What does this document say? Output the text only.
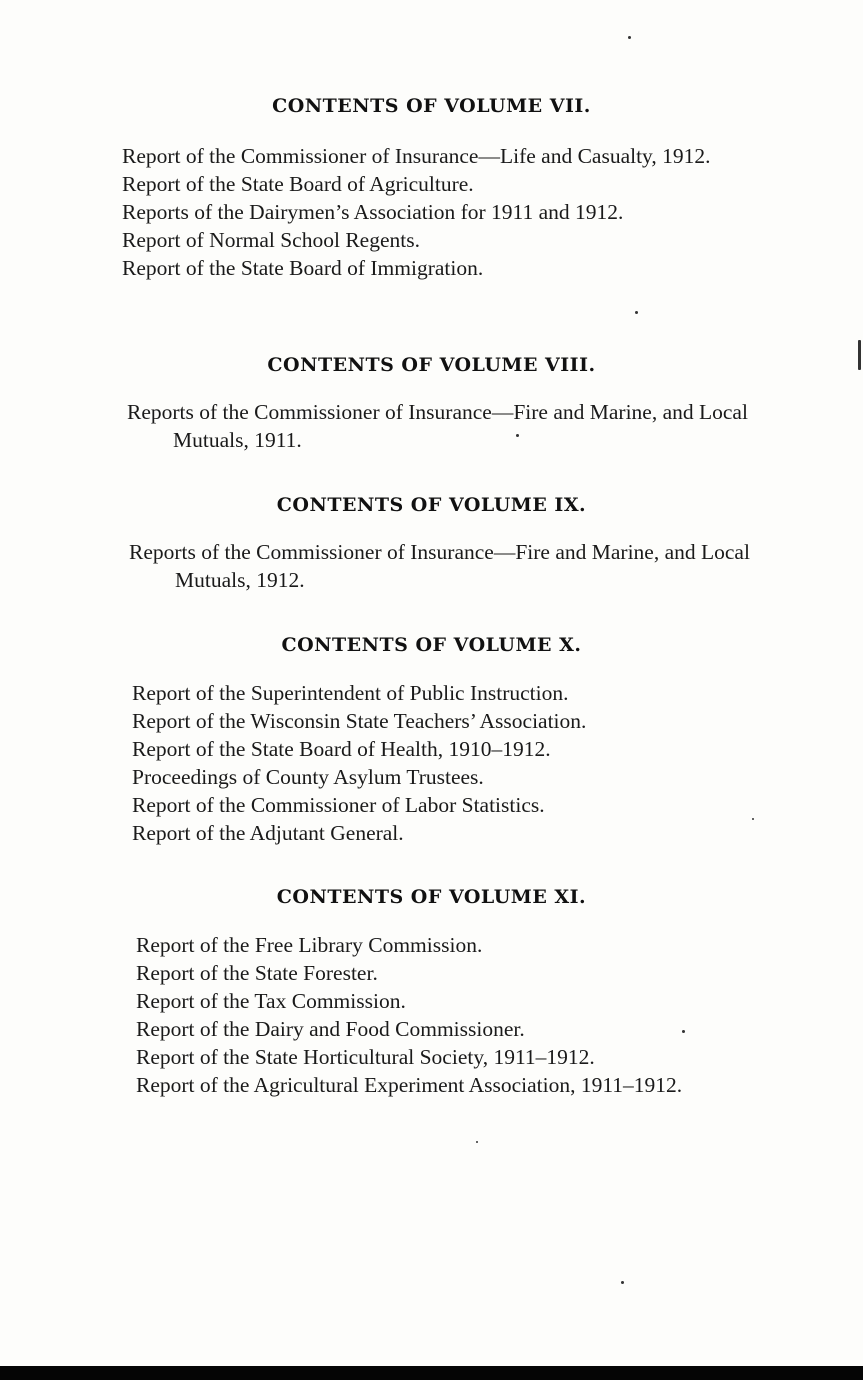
CONTENTS OF VOLUME VII.
Report of the Commissioner of Insurance—Life and Casualty, 1912.
Report of the State Board of Agriculture.
Reports of the Dairymen’s Association for 1911 and 1912.
Report of Normal School Regents.
Report of the State Board of Immigration.
CONTENTS OF VOLUME VIII.
Reports of the Commissioner of Insurance—Fire and Marine, and Local Mutuals, 1911.
CONTENTS OF VOLUME IX.
Reports of the Commissioner of Insurance—Fire and Marine, and Local Mutuals, 1912.
CONTENTS OF VOLUME X.
Report of the Superintendent of Public Instruction.
Report of the Wisconsin State Teachers’ Association.
Report of the State Board of Health, 1910–1912.
Proceedings of County Asylum Trustees.
Report of the Commissioner of Labor Statistics.
Report of the Adjutant General.
CONTENTS OF VOLUME XI.
Report of the Free Library Commission.
Report of the State Forester.
Report of the Tax Commission.
Report of the Dairy and Food Commissioner.
Report of the State Horticultural Society, 1911–1912.
Report of the Agricultural Experiment Association, 1911–1912.
